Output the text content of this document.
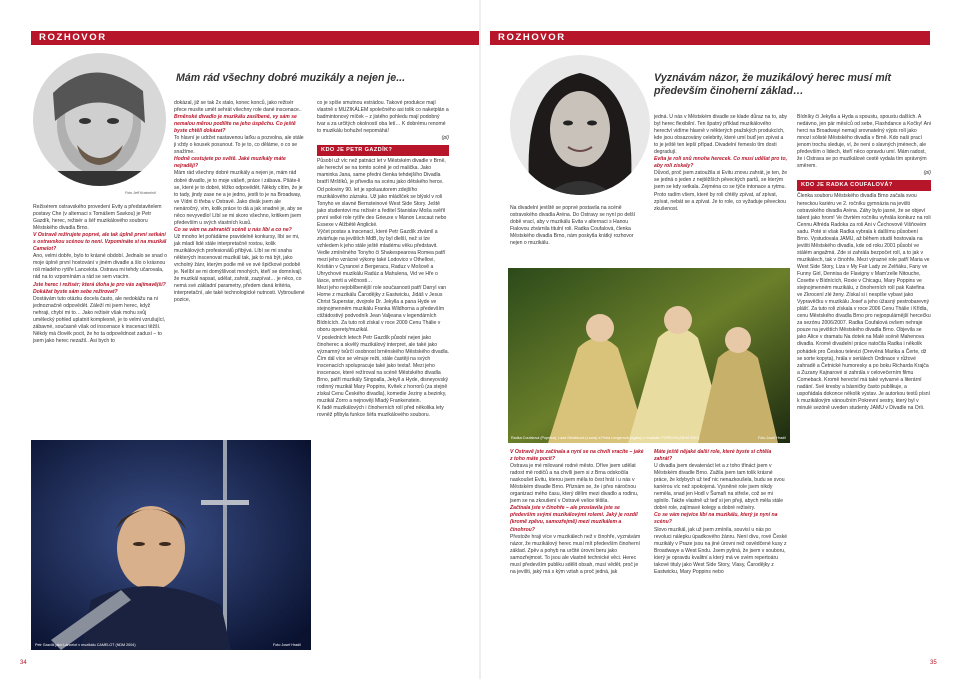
ROZHOVOR
Mám rád všechny dobré muzikály a nejen je...
Foto Jeff Kratochvil

Režisérem ostravského provedení Evity a představitelem postavy Che (v alternaci s Tomášem Savkou) je Petr Gazdík, herec, režisér a šéf muzikálového souboru Městského divadla Brno.

V Ostravě režírujete poprvé, ale tak úplně první setkání s ostravskou scénou to není. Vzpomínáte si na muzikál Camelot?

Ano, velmi dobře, bylo to krásné období. Jednalo se snad o moje úplně první hostování v jiném divadle a šlo o krásnou roli mladého rytíře Lancelota. Ostrava mi tehdy učarovala, rád na to vzpomínám a rád se sem vracím.

Jste herec i režisér; která úloha je pro vás zajímavější? Dokážat byste sám sebe režírovat?

Dostávám tuto otázku docela často, ale nedokážu na ni jednoznačně odpovědět. Záleží mi jsem herec, když nehraji, chybí mi to… Jako režisér však mohu svůj umělecký pohled uplatnit komplexně, je to velmi vzrušující, zábavné, současně však od inscenace k inscenaci těžší. Někdy má člověk pocit, že ho ta odpovědnost zadusí – to jsem jako herec nezažil.. Asi bych to

dokázal, již se tak 2x stalo, konec konců, jako režisér přece musíte umět sehrát všechny role dané inscenace..

Brněnské divadlo je muzikálu zaslíbené, vy sám se nemalou měrou podílíte na jeho úspěchu. Co ještě byste chtěli dokázat?

To hlavní je udržet nastavenou laťku a pozvolna, ale stále ji vždy o kousek posunout. To je to, co děláme, o co se snažíme.

Hodně cestujete po světě. Jaké muzikály máte nejraději?

Mám rád všechny dobré muzikály a nejen je, mám rád dobré divadlo, je to moje vášeň, práce i zábava. Pšáte-li se, které je to dobré, těžko odpovědět. Někdy cítím, že je to tady, jindy zase ne a je jedno, jestli to je na Broadway, ve Vídni či třeba v Ostravě. Jako divák jsem ale nenáročný, vím, kolik práce to dá a jak snadné je, aby se něco nevyvedlo! Líbí se mi skoro všechno, kritikem jsem především u svých vlastních kusů.

Co se vám na zahraničí scéně u nás líbí a co ne?

Už mnoho let pořádáme pravidelně konkursy, líbí se mi, jak mladí lidé stále interpretačně rostou, kolik muzikálových profesionálů přibývá. Líbí se mi snaha některých inscenovat muzikál tak, jak to má být, jako vrcholný žánr, kterým podle mě ve své špičkové podobě je. Nelíbí se mi domýšlivost mnohých, kteří se domnívají, že muzikál napsat, udělat, zahrát, zazpívat… je něco, co nemá své základní parametry, předem daná kritéria, interpretační, ale také technologické nutnosti. Vybroušené pozice,

co je spíše smutnou estrádou. Takové produkce mají vlastně s MUZIKÁLEM společného asi tolik co naketplán a badmintonový míček – z jistého pohledu mají podobný tvar a za určitých okolností oba letí… K dobrému renomé to muzikálu bohužel nepomáhá!

(pl)

KDO JE PETR GAZDÍK?

Působí už víc než patnáct let v Městském divadle v Brně, ale herectví se na tomto scéně je od malička. Jako maminka Jana, same předni členka tehdejšího Divadla bratří Mrštíků, je přivedla na scénu jako dětského herce. Od poloviny 90. let je spoluautorem zdejšího muzikálového zázraku. Už jako mládíček se blýskl v roli Tonyho ve slavné Bernsteinové West Side Story. Ještě jako studentovi mu režisér a ředitel Stanislav Moša svěřil první velké role rytíře des Grieuxe v Manon Lescaut nebo Essexe v Alžbětě Anglické.

Výčet postav a inscenací, které Petr Gazdík ztvárnil a ztvárňuje na jevištích MdB, by byl dlelší, než si lze vzhledem k jeho stále ještě mladému věku představit. Vedle zmíněného Tonyho či Shakespearova Romea patří mezi jeho vzrácné výkony také Lodovico v Othellovi, Kristián v Cyranovi z Bergeracu, Raduz v Mošově a Uhrychové muzikálu Radúz a Mahulena, Vid ve Hře o lásce, smrti a věčnosti…

Mezi jeho nejoblíbenější role současnosti patří Darryl van Horne z muzikálu Čarodějky z Eastwicku, Jidáš v Jesus Christ Superstar, dvojrole Dr. Jekylla a pana Hyde ve stejnojmenném muzikálu Franka Wildhorna a především ctižádostivý podvodník Jean Valjeana v legendárních Bídnících. Za tuto roli získal v roce 2009 Cenu Thálie v oboru operety/muzikál.

V posledních letech Petr Gazdík působí nejen jako činoherec a skvělý muzikálový interpret, ale také jako významný tvůrčí osobnost brněnského Městského divadla. Čím dál více se věnuje režii, stále častěji na svých inscenacích spolupracuje také jako textař. Mezi jeho inscenace, které režíroval na scéně Městského divadla Brno, patří muzikály Singoalla, Jekyll a Hyde, disneyovský rodinný muzikál Mary Poppins, Kvítek z horrorů (za stejně získal Cenu Českého divadla), komedie Jeziny a bezinky, muzikál Zorro a nejnověji Mladý Frankenstein.

K řadě muzikálových i činoherních rolí před několika lety rovněž přibyla funkce šéfa muzikálového souboru.

Petr Gazdík jako Lancelot v muzikálu CAMELOT (NDM 2004)	Foto Josef Hradil
34
ROZHOVOR
Vyznávám názor, že muzikálový herec musí mít
především činoherní základ…

Na divadelní jeviště se poprvé postavila na scéně ostravského divadla Aréna. Do Ostravy se nyní po delší době vrací, aby v muzikálu Evita v alternaci s Hanou Fialovou ztvárnila titulní roli. Radka Coufalová, členka Městského divadla Brno, nám poskytla krátký rozhovor nejen o muzikálu.

jedná. U nás v Městském divadle se klade důraz na to, aby byl herec flexibilní. Ten špatný příklad muzikálového herectví vidíme hlavně v některých pražských produkcích, kde jsou obsazovány celebrity, které umí buď jen zpívat a to je ještě ten lepší případ. Divadelní řemeslo tím dosti degradují.

Evita je roli snů mnoha herecek. Co musí udělat pro to, aby roli získaly?

Důvod, proč jsem zatoužila si Evitu znovu zahrát, je ten, že se jedná o jeden z nejtěžších pěveckých partů, se kterým jsem se kdy setkala. Zejména co se týče intonace a rytmu. Proto radím všem, které by roli chtěly zpívat, ať zpívat, zpívat, nebát se a zpívat. Je to role, co vyžaduje pěveckou zkušenost.

Bídníky či Jekylla a Hyda a spoustu, spoustu dalších. A nedávno, jen pár měsíců od sebe, Flashdance a Kočky! Ani herci na Broadwayi nemají srovnatelný výpis rolí jako mnozí sólisté Městského divadla v Brně. Kdo naši prací jenom trochu sleduje, ví, že není o slavných jménech, ale především o lidech, kteří něco opravdu umí. Mám radost, že i Ostrava se po muzikálové cestě vydala tím správným směrem.

(pl)

KDO JE RADKA COUFALOVÁ?

Členka souboru Městského divadla Brno začala svou hereckou kariéru ve 2. ročníku gymnázia na jevišti ostravského divadla Aréna. Záhy bylo jasné, že se objeví talent jako hrom! Ve čtvrtém ročníku vyhrála konkurz na roli Cennu Alfréda Radoka za roli Ani v Čechovově Višňovém sadu. Poté si však Radka vybrala k dalšímu působení Brno. Vystudovala JAMU, až během studií hostovala na jevišti Městského divadla, kde od roku 2001 působí ve stálém angažmá. Zde si zahrála bezpočet rolí, a to jak v muzikálech, tak v činohře. Mezi výrazné role patří Maria ve West Side Story, Liza v My Fair Lady ze Zelňáku, Fany ve Funny Girl, Dennisa de Flavigny v Mam'zelle Nitouche, Cosette v Bídnících, Roxie v Chicagu, Mary Poppins ve stejnojmenném muzikálu, z činoherních rolí pak Katefina ve Zkrocení zlé ženy. Získal si i nespíše vybavi jako Vypravěčku v muzikálu Josef a jeho úžasný pestrobarevný plášť. Za tuto roli získala v roce 2006 Cenu Thálie i Křídla, cenu Městského divadla Brno pro nejpopulárnější hercečku za sezónu 2006/2007. Radka Coufalová ovšem nehraje pouze na jevištích Městského divadla Brno. Objevila se jako Alice v dramatu Na dotek na Malé scéně Mahenova divadla. Kromě divadelní práce natočila Radka i několik pohádek pro Českou televizi (Drevěná Marika a Čerte, dž se sorte kopyta), hrála v seriálech Ordinace v růžové zahradě a Četnické humoresky a po boku Richarda Krajča a Zuzany Kajnarové si zahrála v celovečerním filmu Comeback. Kromě herectví má také vytvarné a literární nadání. Své kresby a básničky často publikuje, a uspořádala dokonce několik výstav. Je autorkou textů písní k muzikálovým vánoučním Pokrevní sestry, který byl v minulé sezóně uveden studenty JAMU v Divadle na Orli.

Radka Coufalová (Popelka), Lada Bělašková (Laura) a Petra Lengerová (Agáta) v muzikálu POPELKA (NDM 2001)	Foto Josef Hradil

V Ostravě jste začínala a nyní se na chvíli vracíte – jaké z toho máte pocit?

Ostrava je mé milované rodné město. Dříve jsem udělat radost mě rodičů a na chvíli jsem si z Brna odskočila naskoušet Evitu, kterou jsem měla to čest hrát i u nás v Městském divadle Brno. Přiznám se, že i přes náročnou organizaci mého času, který dělím mezi divadlo a rodinu, jsem se na zkoušení v Ostravě velice těšila.

Začínala jste v činohře – ale proslavila jste se především svými muzikálovými rolemi. Jaký je rozdíl (kromě zpěvu, samozřejmě) mezi muzikálem a činohrou?

Přestože hraji více v muzikálech než v činohře, vyznávám názor, že muzikálový herec musí mít především činoherní základ. Zpěv a pohyb na určité úrovni beru jako samozřejmost. To jsou ale vlastně technické věci. Herec musí především publiku sdělit obsah, musí vědět, proč je na jevišti, jaký má s kým vztah a proč jedná, jak

Máte ještě nějaké další role, které byste si chtěla zahrát?

U divadla jsem devatenáct let a z toho třináct jsem v Městském divadle Brno. Zažila jsem tam tolik krásné práce, že kdybych už teď nic nenazkoušela, budu se svou kariérou víc než spokojená. Vysněné role jsem nikdy neměla, snad jen Hodl v Šumaři na střeše, což se mi splnilo. Takže vlastně už teď si jen přeji, abych měla stále dobré role, zajímavé kolegy a dobré režiséry.

Co se vám nejvíce líbí na muzikálu, který je nyní na scénu?

Slovo muzikál, jak už jsem zmínila, souvisí u nás po revoluci nálepku úpadkového žánru. Není divu, rové České muzikály v Praze jsou na jiné úrovni než osvědčené kusy z Broadwaye a West Endu. Jsem pyšná, že jsem v souboru, který je opravdu kvalitní a který má ve svém repertoáru takové tituly jako West Side Story, Vlasy, Čarodějky z Eastwicku, Mary Poppins nebo

35
